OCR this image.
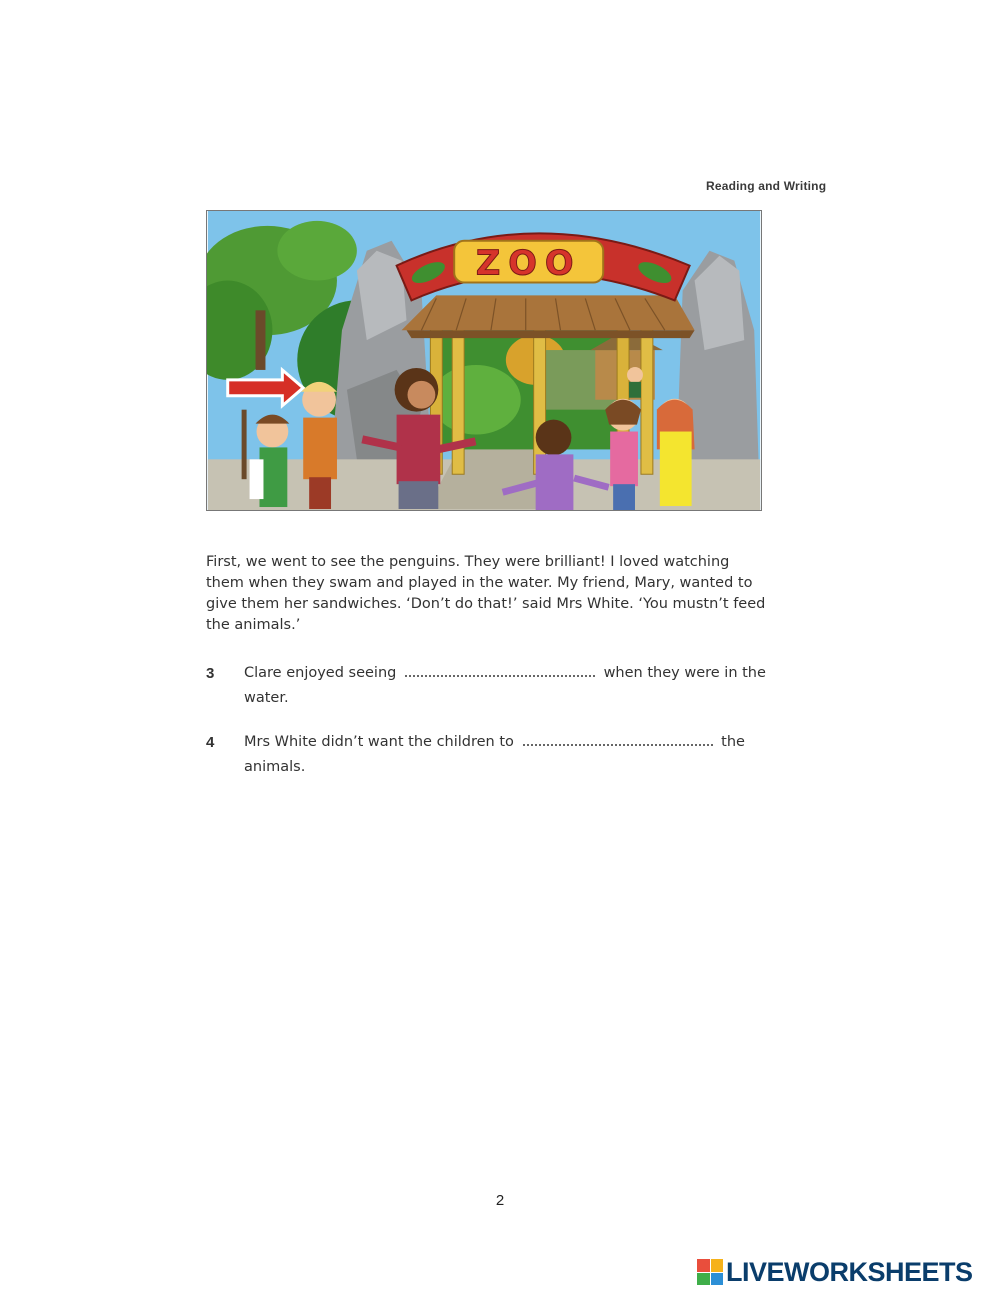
Reading and Writing
ZOO

First, we went to see the penguins. They were brilliant! I loved watching them when they swam and played in the water. My friend, Mary, wanted to give them her sandwiches. ‘Don’t do that!’ said Mrs White. ‘You mustn’t feed the animals.’

3 Clare enjoyed seeing	when they were in the water.
4 Mrs White didn’t want the children to	the animals.
2
LIVEWORKSHEETS
